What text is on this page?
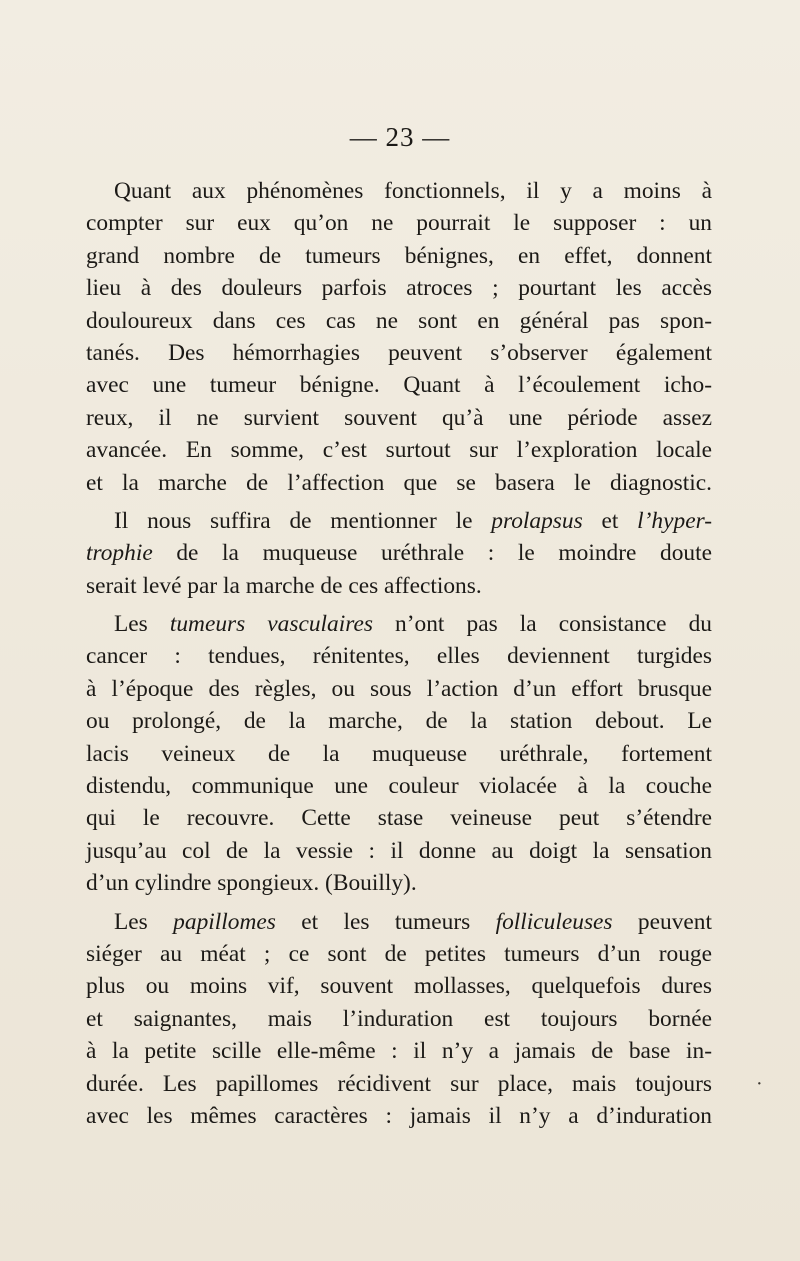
— 23 —

Quant aux phénomènes fonctionnels, il y a moins à
compter sur eux qu’on ne pourrait le supposer : un
grand nombre de tumeurs bénignes, en effet, donnent
lieu à des douleurs parfois atroces ; pourtant les accès
douloureux dans ces cas ne sont en général pas spon-
tanés. Des hémorrhagies peuvent s’observer également
avec une tumeur bénigne. Quant à l’écoulement icho-
reux, il ne survient souvent qu’à une période assez
avancée. En somme, c’est surtout sur l’exploration locale
et la marche de l’affection que se basera le diagnostic.

Il nous suffira de mentionner le prolapsus et l’hyper-
trophie de la muqueuse uréthrale : le moindre doute
serait levé par la marche de ces affections.

Les tumeurs vasculaires n’ont pas la consistance du
cancer : tendues, rénitentes, elles deviennent turgides
à l’époque des règles, ou sous l’action d’un effort brusque
ou prolongé, de la marche, de la station debout. Le
lacis veineux de la muqueuse uréthrale, fortement
distendu, communique une couleur violacée à la couche
qui le recouvre. Cette stase veineuse peut s’étendre
jusqu’au col de la vessie : il donne au doigt la sensation
d’un cylindre spongieux. (Bouilly).

Les papillomes et les tumeurs folliculeuses peuvent
siéger au méat ; ce sont de petites tumeurs d’un rouge
plus ou moins vif, souvent mollasses, quelquefois dures
et saignantes, mais l’induration est toujours bornée
à la petite scille elle-même : il n’y a jamais de base in-
durée. Les papillomes récidivent sur place, mais toujours
avec les mêmes caractères : jamais il n’y a d’induration

·
